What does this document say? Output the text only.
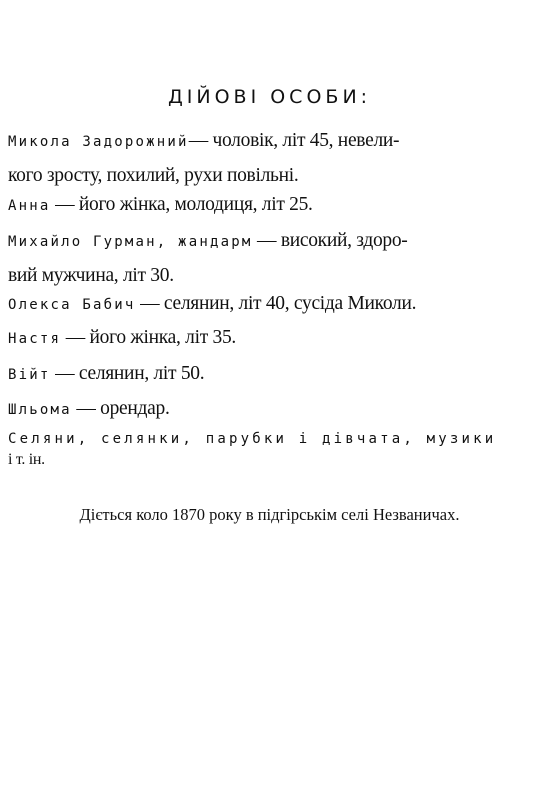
ДІЙОВІ ОСОБИ:

Микола Задорожний— чоловік, літ 45, невели-
кого зросту, похилий, рухи повільні.

Анна — його жінка, молодиця, літ 25.

Михайло Гурман, жандарм — високий, здоро-
вий мужчина, літ 30.

Олекса Бабич — селянин, літ 40, сусіда Миколи.

Настя — його жінка, літ 35.

Війт — селянин, літ 50.

Шльома — орендар.

Селяни, селянки, парубки і дівчата, музики
і т. ін.

Діється коло 1870 року в підгірськім селі Незваничах.
